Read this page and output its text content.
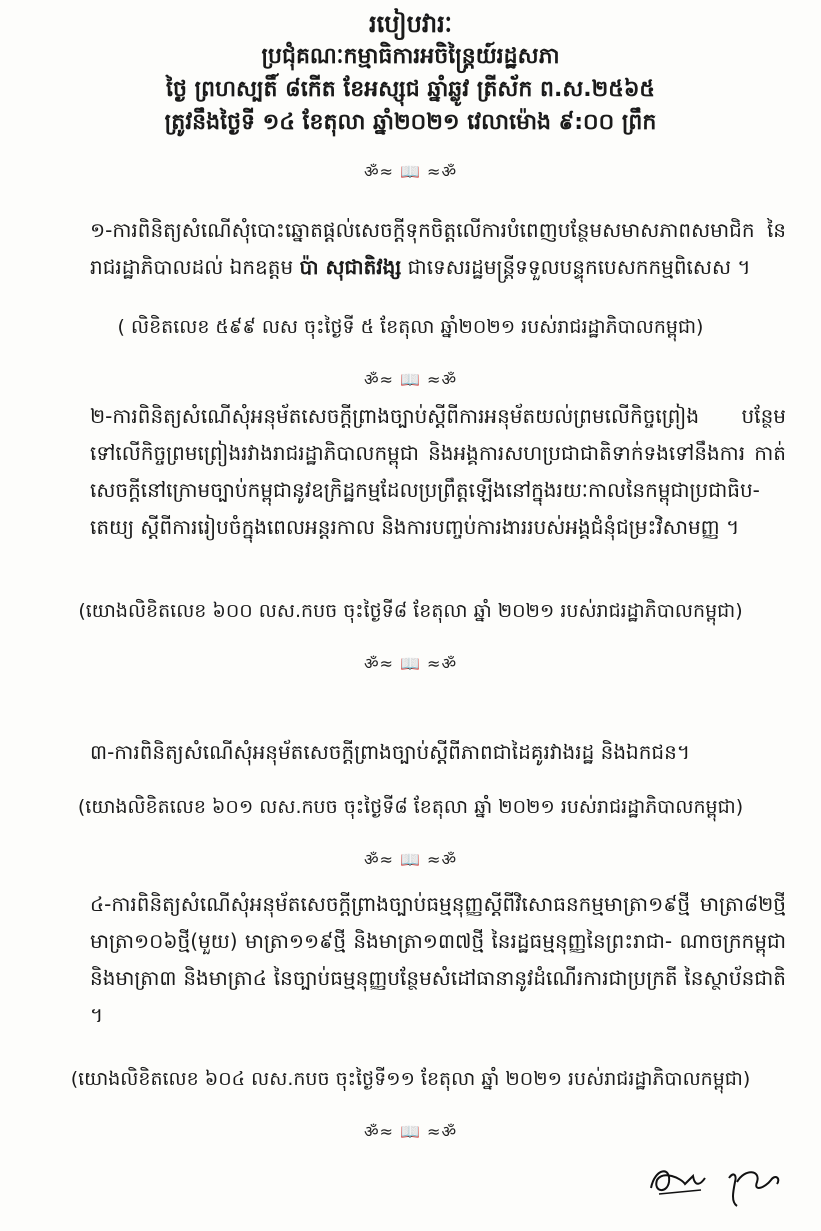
របៀបវារៈ
ប្រជុំគណៈកម្មាធិការអចិន្ត្រៃយ៍រដ្ឋសភា
ថ្ងៃ ព្រហស្បតិ៍ ៨កើត ខែអស្សុជ ឆ្នាំឆ្លូវ ត្រីស័ក ព.ស.២៥៦៥
ត្រូវនឹងថ្ងៃទី ១៤ ខែតុលា ឆ្នាំ២០២១ វេលាម៉ោង ៩:០០ ព្រឹក
ॐ≈ 📖 ≈ॐ
១-ការពិនិត្យសំណើសុំបោះឆ្នោតផ្ដល់សេចក្ដីទុកចិត្តលើការបំពេញបន្ថែមសមាសភាពសមាជិក នៃរាជរដ្ឋាភិបាលដល់ ឯកឧត្ដម ប៉ា សុជាតិវង្ស ជាទេសរដ្ឋមន្ត្រីទទួលបន្ទុកបេសកកម្មពិសេស ។
( លិខិតលេខ ៥៩៩ លស ចុះថ្ងៃទី ៥ ខែតុលា ឆ្នាំ២០២១ របស់រាជរដ្ឋាភិបាលកម្ពុជា)
ॐ≈ 📖 ≈ॐ
២-ការពិនិត្យសំណើសុំអនុម័តសេចក្ដីព្រាងច្បាប់ស្ដីពីការអនុម័តយល់ព្រមលើកិច្ចព្រៀង បន្ថែមទៅលើកិច្ចព្រមព្រៀងរវាងរាជរដ្ឋាភិបាលកម្ពុជា និងអង្គការសហប្រជាជាតិទាក់ទងទៅនឹងការ កាត់សេចក្ដីនៅក្រោមច្បាប់កម្ពុជានូវឧក្រិដ្ឋកម្មដែលប្រព្រឹត្តឡើងនៅក្នុងរយៈកាលនៃកម្ពុជាប្រជាធិប- តេយ្យ ស្ដីពីការរៀបចំក្នុងពេលអន្តរកាល និងការបញ្ចប់ការងាររបស់អង្គជំនុំជម្រះវិសាមញ្ញ ។
(យោងលិខិតលេខ ៦០០ លស.កបច ចុះថ្ងៃទី៨ ខែតុលា ឆ្នាំ ២០២១ របស់រាជរដ្ឋាភិបាលកម្ពុជា)
ॐ≈ 📖 ≈ॐ
៣-ការពិនិត្យសំណើសុំអនុម័តសេចក្ដីព្រាងច្បាប់ស្ដីពីភាពជាដៃគូរវាងរដ្ឋ និងឯកជន។
(យោងលិខិតលេខ ៦០១ លស.កបច ចុះថ្ងៃទី៨ ខែតុលា ឆ្នាំ ២០២១ របស់រាជរដ្ឋាភិបាលកម្ពុជា)
ॐ≈ 📖 ≈ॐ
៤-ការពិនិត្យសំណើសុំអនុម័តសេចក្ដីព្រាងច្បាប់ធម្មនុញ្ញស្ដីពីវិសោធនកម្មមាត្រា១៩ថ្មី មាត្រា៨២ថ្មី មាត្រា១០៦ថ្មី(មួយ) មាត្រា១១៩ថ្មី និងមាត្រា១៣៧ថ្មី នៃរដ្ឋធម្មនុញ្ញនៃព្រះរាជា- ណាចក្រកម្ពុជា និងមាត្រា៣ និងមាត្រា៤ នៃច្បាប់ធម្មនុញ្ញបន្ថែមសំដៅធានានូវដំណើរការជាប្រក្រតី នៃស្ថាប័នជាតិ ។
(យោងលិខិតលេខ ៦០៤ លស.កបច ចុះថ្ងៃទី១១ ខែតុលា ឆ្នាំ ២០២១ របស់រាជរដ្ឋាភិបាលកម្ពុជា)
ॐ≈ 📖 ≈ॐ
